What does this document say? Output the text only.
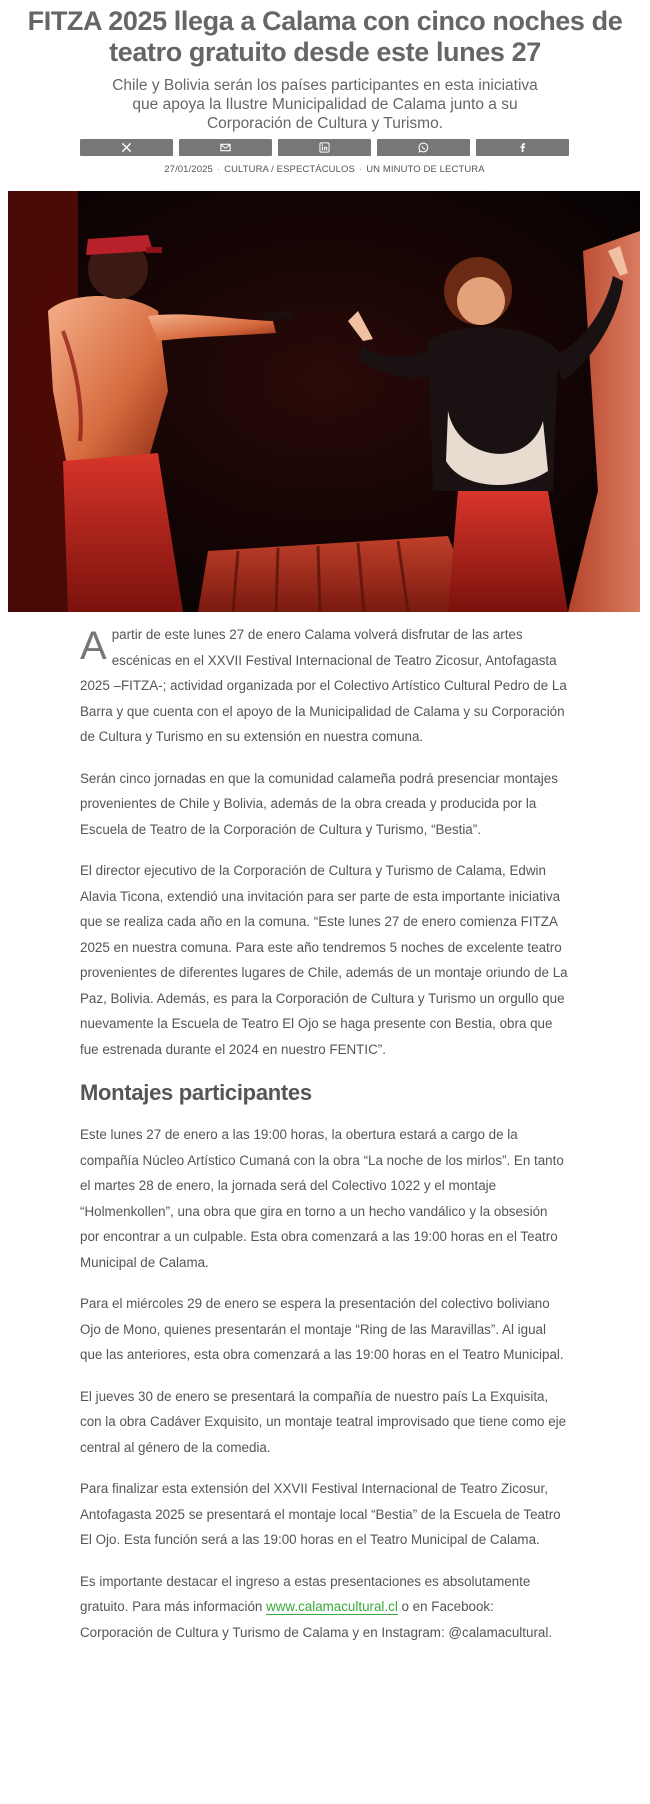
FITZA 2025 llega a Calama con cinco noches de teatro gratuito desde este lunes 27
Chile y Bolivia serán los países participantes en esta iniciativa que apoya la Ilustre Municipalidad de Calama junto a su Corporación de Cultura y Turismo.
27/01/2025 · CULTURA / ESPECTÁCULOS · UN MINUTO DE LECTURA

Apartir de este lunes 27 de enero Calama volverá disfrutar de las artes escénicas en el XXVII Festival Internacional de Teatro Zicosur, Antofagasta 2025 –FITZA-; actividad organizada por el Colectivo Artístico Cultural Pedro de La Barra y que cuenta con el apoyo de la Municipalidad de Calama y su Corporación de Cultura y Turismo en su extensión en nuestra comuna.

Serán cinco jornadas en que la comunidad calameña podrá presenciar montajes provenientes de Chile y Bolivia, además de la obra creada y producida por la Escuela de Teatro de la Corporación de Cultura y Turismo, “Bestia”.

El director ejecutivo de la Corporación de Cultura y Turismo de Calama, Edwin Alavia Ticona, extendió una invitación para ser parte de esta importante iniciativa que se realiza cada año en la comuna. “Este lunes 27 de enero comienza FITZA 2025 en nuestra comuna. Para este año tendremos 5 noches de excelente teatro provenientes de diferentes lugares de Chile, además de un montaje oriundo de La Paz, Bolivia. Además, es para la Corporación de Cultura y Turismo un orgullo que nuevamente la Escuela de Teatro El Ojo se haga presente con Bestia, obra que fue estrenada durante el 2024 en nuestro FENTIC”.

Montajes participantes

Este lunes 27 de enero a las 19:00 horas, la obertura estará a cargo de la compañía Núcleo Artístico Cumaná con la obra “La noche de los mirlos”. En tanto el martes 28 de enero, la jornada será del Colectivo 1022 y el montaje “Holmenkollen”, una obra que gira en torno a un hecho vandálico y la obsesión por encontrar a un culpable. Esta obra comenzará a las 19:00 horas en el Teatro Municipal de Calama.

Para el miércoles 29 de enero se espera la presentación del colectivo boliviano Ojo de Mono, quienes presentarán el montaje “Ring de las Maravillas”. Al igual que las anteriores, esta obra comenzará a las 19:00 horas en el Teatro Municipal.

El jueves 30 de enero se presentará la compañía de nuestro país La Exquisita, con la obra Cadáver Exquisito, un montaje teatral improvisado que tiene como eje central al género de la comedia.

Para finalizar esta extensión del XXVII Festival Internacional de Teatro Zicosur, Antofagasta 2025 se presentará el montaje local “Bestia” de la Escuela de Teatro El Ojo. Esta función será a las 19:00 horas en el Teatro Municipal de Calama.

Es importante destacar el ingreso a estas presentaciones es absolutamente gratuito. Para más información www.calamacultural.cl o en Facebook: Corporación de Cultura y Turismo de Calama y en Instagram: @calamacultural.
